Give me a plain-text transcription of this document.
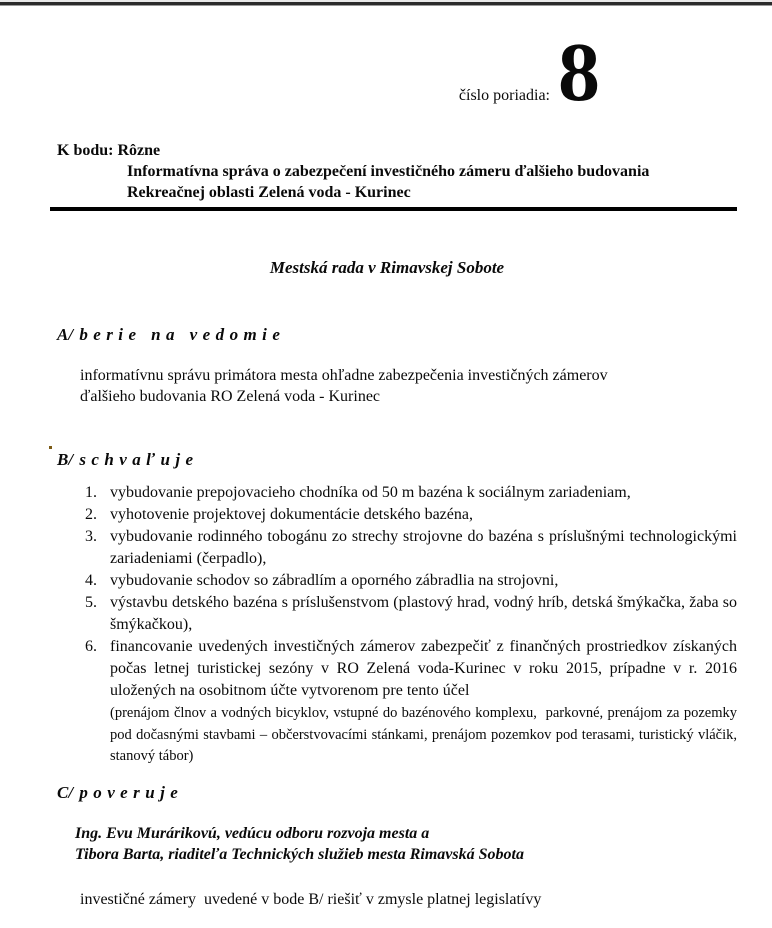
číslo poriadia: 8
K bodu: Rôzne
Informatívna správa o zabezpečení investičného zámeru ďalšieho budovania
Rekreačnej oblasti Zelená voda - Kurinec
Mestská rada v Rimavskej Sobote
A/ berie na vedomie
informatívnu správu primátora mesta ohľadne zabezpečenia investičných zámerov
ďalšieho budovania RO Zelená voda - Kurinec
B/ schvaľuje
1. vybudovanie prepojovacieho chodníka od 50 m bazéna k sociálnym zariadeniam,
2. vyhotovenie projektovej dokumentácie detského bazéna,
3. vybudovanie rodinného tobogánu zo strechy strojovne do bazéna s príslušnými technologickými zariadeniami (čerpadlo),
4. vybudovanie schodov so zábradlím a oporného zábradlia na strojovni,
5. výstavbu detského bazéna s príslušenstvom (plastový hrad, vodný hríb, detská šmýkačka, žaba so šmýkačkou),
6. financovanie uvedených investičných zámerov zabezpečiť z finančných prostriedkov získaných počas letnej turistickej sezóny v RO Zelená voda-Kurinec v roku 2015, prípadne v r. 2016 uložených na osobitnom účte vytvorenom pre tento účel
(prenájom člnov a vodných bicyklov, vstupné do bazénového komplexu,  parkovné, prenájom za pozemky pod dočasnými stavbami – občerstvovacími stánkami, prenájom pozemkov pod terasami, turistický vláčik, stanový tábor)
C/ poveruje
Ing. Evu Murárikovú, vedúcu odboru rozvoja mesta a
Tibora Barta, riaditeľa Technických služieb mesta Rimavská Sobota
investičné zámery  uvedené v bode B/ riešiť v zmysle platnej legislatívy
